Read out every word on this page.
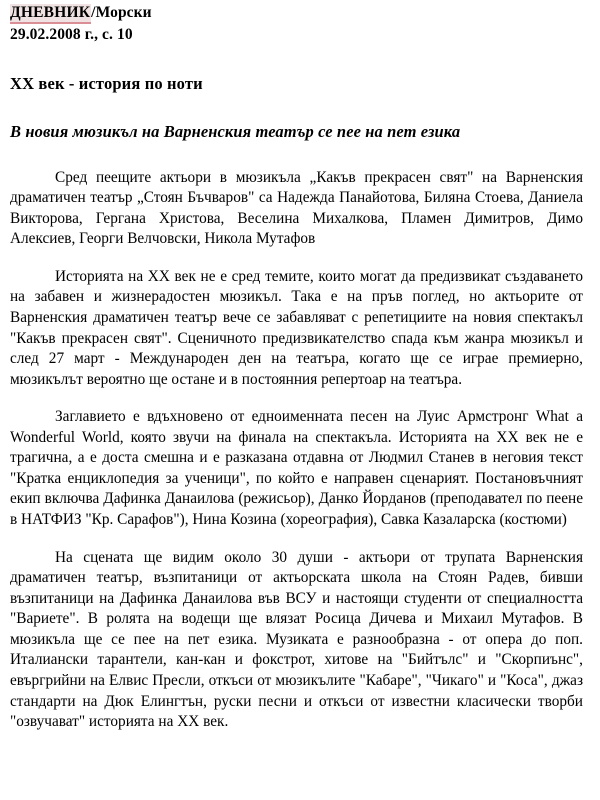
ДНЕВНИК/Морски
29.02.2008 г., с. 10
XX век - история по ноти
В новия мюзикъл на Варненския театър се пее на пет езика

Сред пеещите актьори в мюзикъла „Какъв прекрасен свят" на Варненския драматичен театър „Стоян Бъчваров" са Надежда Панайотова, Биляна Стоева, Даниела Викторова, Гергана Христова, Веселина Михалкова, Пламен Димитров, Димо Алексиев, Георги Велчовски, Никола Мутафов

Историята на XX век не е сред темите, които могат да предизвикат създаването на забавен и жизнерадостен мюзикъл. Така е на пръв поглед, но актьорите от Варненския драматичен театър вече се забавляват с репетициите на новия спектакъл "Какъв прекрасен свят". Сценичното предизвикателство спада към жанра мюзикъл и след 27 март - Международен ден на театъра, когато ще се играе премиерно, мюзикълът вероятно ще остане и в постоянния репертоар на театъра.

Заглавието е вдъхновено от едноименната песен на Луис Армстронг What a Wonderful World, която звучи на финала на спектакъла. Историята на XX век не е трагична, а е доста смешна и е разказана отдавна от Людмил Станев в неговия текст "Кратка енциклопедия за ученици", по който е направен сценарият. Постановъчният екип включва Дафинка Данаилова (режисьор), Данко Йорданов (преподавател по пеене в НАТФИЗ "Кр. Сарафов"), Нина Козина (хореография), Савка Казаларска (костюми)

На сцената ще видим около 30 души - актьори от трупата Варненския драматичен театър, възпитаници от актьорската школа на Стоян Радев, бивши възпитаници на Дафинка Данаилова във ВСУ и настоящи студенти от специалността "Вариете". В ролята на водещи ще влязат Росица Дичева и Михаил Мутафов. В мюзикъла ще се пее на пет езика. Музиката е разнообразна - от опера до поп. Италиански тарантели, кан-кан и фокстрот, хитове на "Бийтълс" и "Скорпиънс", евъргрийни на Елвис Пресли, откъси от мюзикълите "Кабаре", "Чикаго" и "Коса", джаз стандарти на Дюк Елингтън, руски песни и откъси от известни класически творби "озвучават" историята на XX век.
